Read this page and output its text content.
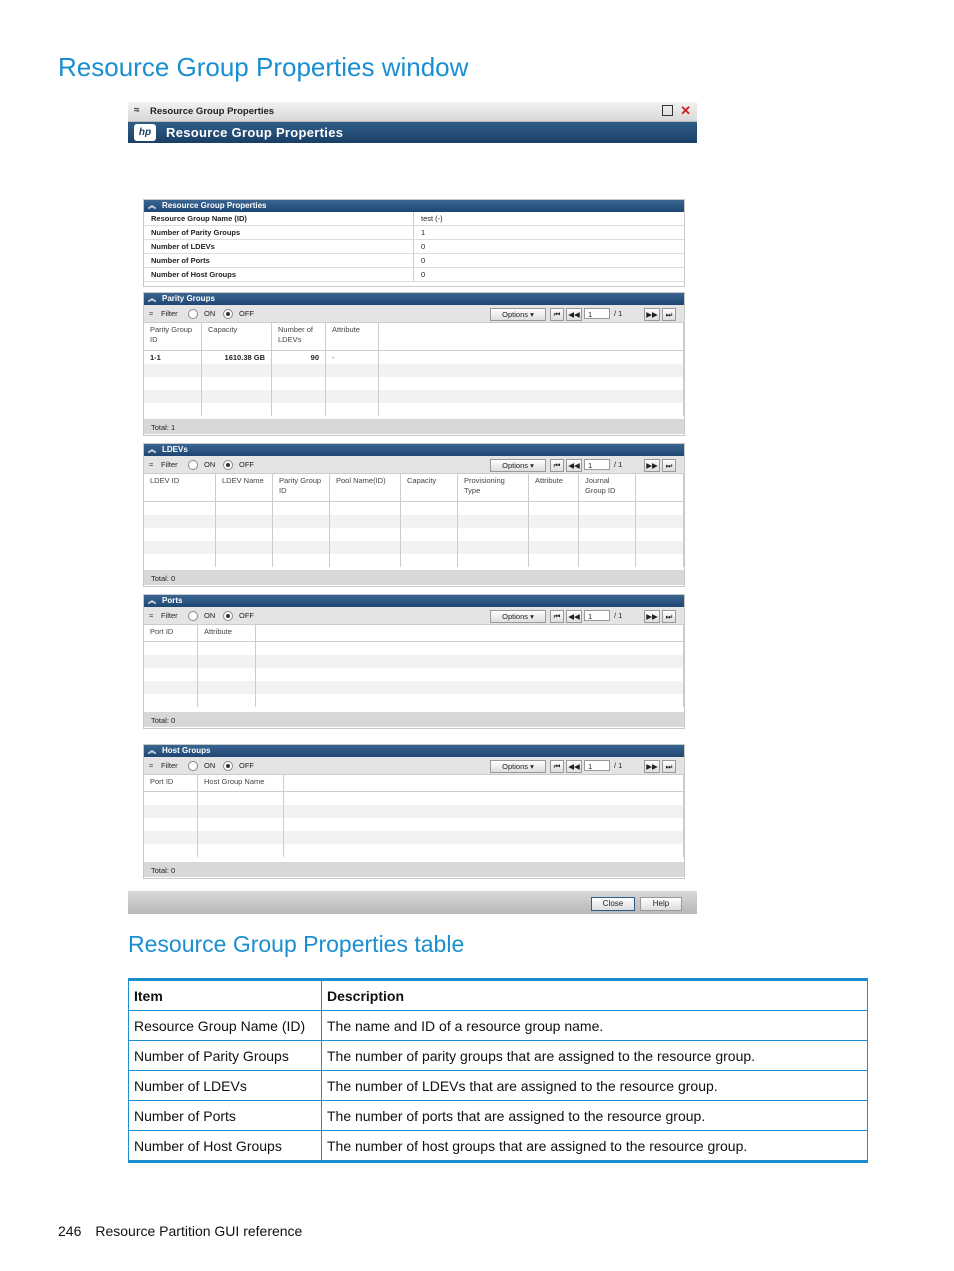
Resource Group Properties window
≈ Resource Group Properties	✕
hp	Resource Group Properties
︽ Resource Group Properties
Resource Group Name (ID)	test (-)
Number of Parity Groups	1
Number of LDEVs	0
Number of Ports	0
Number of Host Groups	0
︽ Parity Groups
≈ Filter	ON	OFF	Options ▾	⏮	◀◀	1	/ 1	▶▶	⏭
Parity Group ID	Capacity	Number of LDEVs	Attribute	
1-1	1610.38 GB	90	-	

Total: 1
︽ LDEVs
≈ Filter	ON	OFF	Options ▾	⏮	◀◀	1	/ 1	▶▶	⏭
LDEV ID	LDEV Name	Parity Group ID	Pool Name(ID)	Capacity	Provisioning Type	Attribute	Journal Group ID	

Total: 0
︽ Ports
≈ Filter	ON	OFF	Options ▾	⏮	◀◀	1	/ 1	▶▶	⏭
Port ID	Attribute	

Total: 0
︽ Host Groups
≈ Filter	ON	OFF	Options ▾	⏮	◀◀	1	/ 1	▶▶	⏭
Port ID	Host Group Name	

Total: 0
Close	Help
Resource Group Properties table
Item	Description
Resource Group Name (ID)	The name and ID of a resource group name.
Number of Parity Groups	The number of parity groups that are assigned to the resource group.
Number of LDEVs	The number of LDEVs that are assigned to the resource group.
Number of Ports	The number of ports that are assigned to the resource group.
Number of Host Groups	The number of host groups that are assigned to the resource group.
246 Resource Partition GUI reference
